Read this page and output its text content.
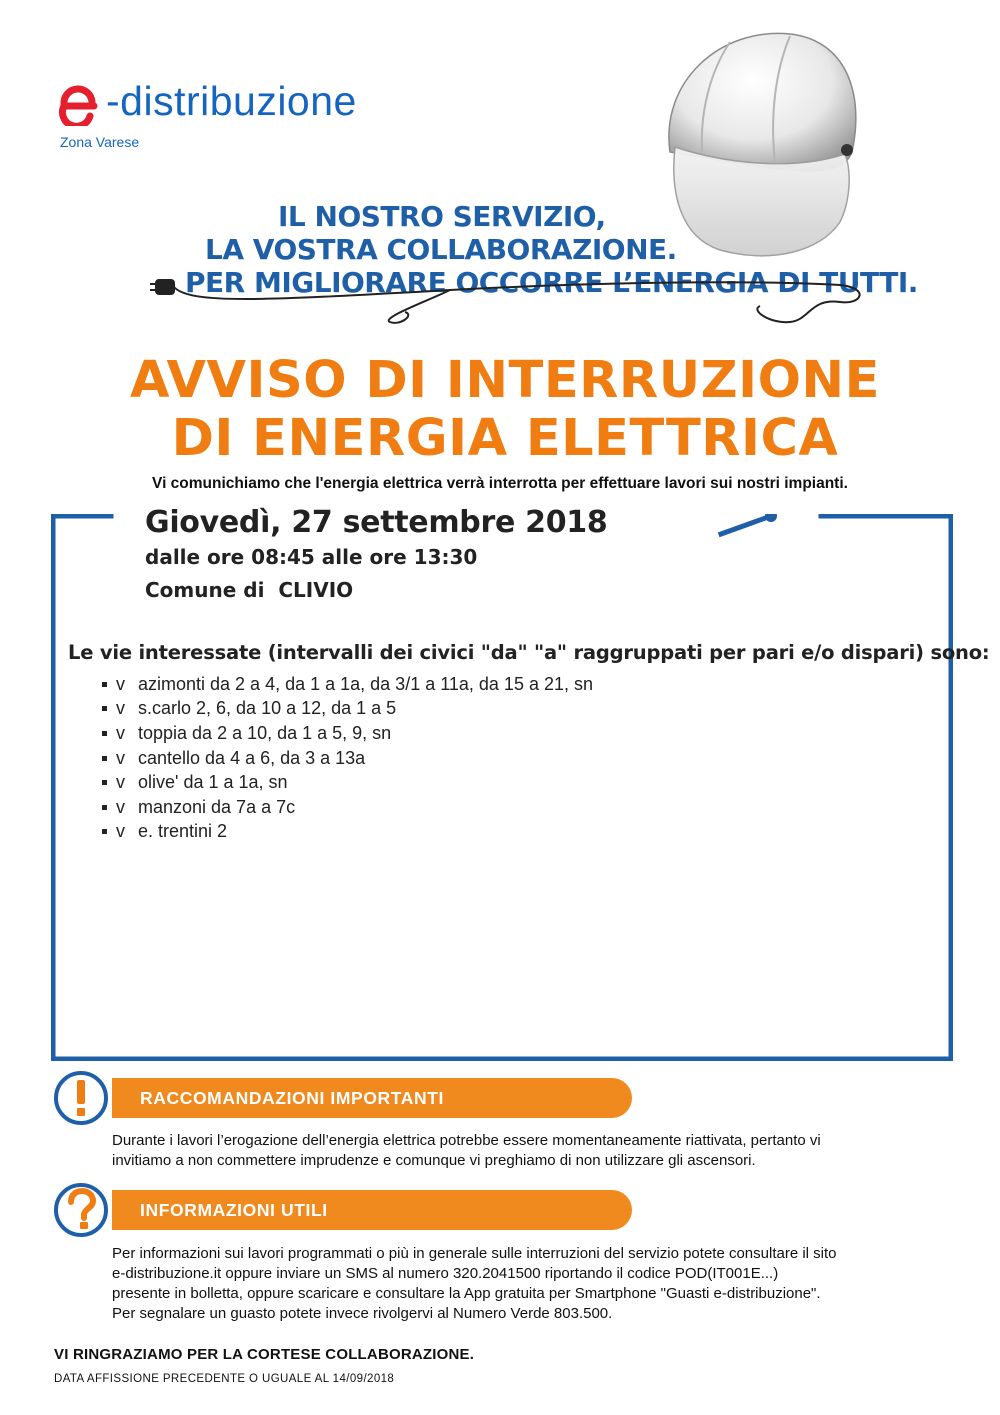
-distribuzione
Zona Varese
IL NOSTRO SERVIZIO,
LA VOSTRA COLLABORAZIONE.
PER MIGLIORARE OCCORRE L’ENERGIA DI TUTTI.
AVVISO DI INTERRUZIONE
DI ENERGIA ELETTRICA
Vi comunichiamo che l'energia elettrica verrà interrotta per effettuare lavori sui nostri impianti.
Giovedì, 27 settembre 2018
dalle ore 08:45 alle ore 13:30
Comune di CLIVIO
Le vie interessate (intervalli dei civici "da" "a" raggruppati per pari e/o dispari) sono:
v azimonti da 2 a 4, da 1 a 1a, da 3/1 a 11a, da 15 a 21, sn
v s.carlo 2, 6, da 10 a 12, da 1 a 5
v toppia da 2 a 10, da 1 a 5, 9, sn
v cantello da 4 a 6, da 3 a 13a
v olive' da 1 a 1a, sn
v manzoni da 7a a 7c
v e. trentini 2
RACCOMANDAZIONI IMPORTANTI
Durante i lavori l’erogazione dell’energia elettrica potrebbe essere momentaneamente riattivata, pertanto vi
invitiamo a non commettere imprudenze e comunque vi preghiamo di non utilizzare gli ascensori.
INFORMAZIONI UTILI
Per informazioni sui lavori programmati o più in generale sulle interruzioni del servizio potete consultare il sito
e-distribuzione.it oppure inviare un SMS al numero 320.2041500 riportando il codice POD(IT001E...)
presente in bolletta, oppure scaricare e consultare la App gratuita per Smartphone "Guasti e-distribuzione".
Per segnalare un guasto potete invece rivolgervi al Numero Verde 803.500.
VI RINGRAZIAMO PER LA CORTESE COLLABORAZIONE.
DATA AFFISSIONE PRECEDENTE O UGUALE AL 14/09/2018
